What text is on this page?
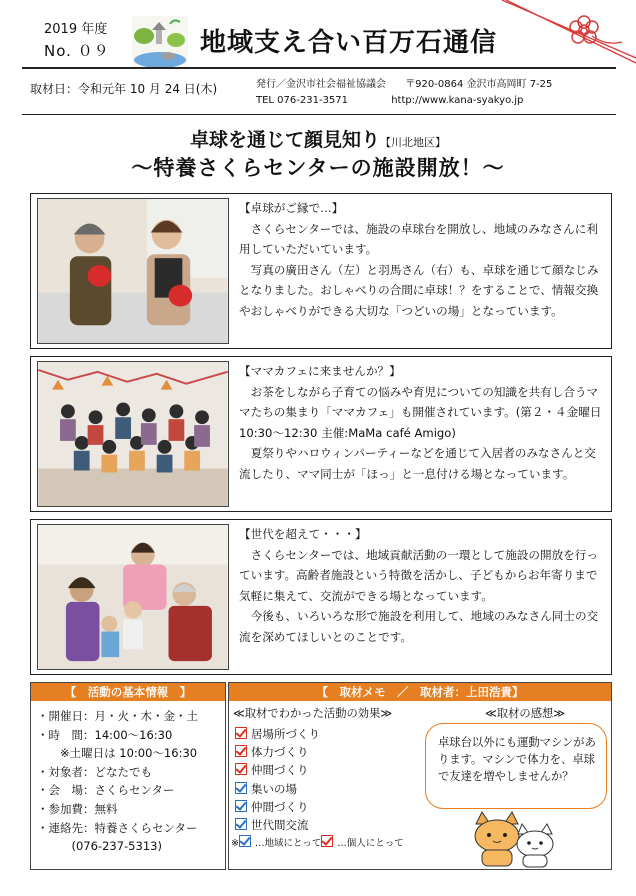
2019 年度
No. ０９	地域支え合い百万石通信
取材日：令和元年 10 月 24 日(木)	発行／金沢市社会福祉協議会 〒920-0864 金沢市高岡町 7-25
TEL 076-231-3571	http://www.kana-syakyo.jp
卓球を通じて顔見知り【川北地区】
～特養さくらセンターの施設開放！～
【卓球がご縁で…】

さくらセンターでは、施設の卓球台を開放し、地域のみなさんに利用していただいています。

写真の廣田さん（左）と羽馬さん（右）も、卓球を通じて顔なじみとなりました。おしゃべりの合間に卓球！？をすることで、情報交換やおしゃべりができる大切な「つどいの場」となっています。

【ママカフェに来ませんか？】

お茶をしながら子育ての悩みや育児についての知識を共有し合うママたちの集まり「ママカフェ」も開催されています。(第２・４金曜日 10:30～12:30 主催:MaMa café Amigo)

夏祭りやハロウィンパーティーなどを通じて入居者のみなさんと交流したり、ママ同士が「ほっ」と一息付ける場となっています。

【世代を超えて・・・】

さくらセンターでは、地域貢献活動の一環として施設の開放を行っています。高齢者施設という特徴を活かし、子どもからお年寄りまで気軽に集えて、交流ができる場となっています。

今後も、いろいろな形で施設を利用して、地域のみなさん同士の交流を深めてほしいとのことです。

【　活動の基本情報　】
・開催日：月・火・木・金・土
・時　間：14:00～16:30
　　※土曜日は 10:00～16:30
・対象者：どなたでも
・会　場：さくらセンター
・参加費：無料
・連絡先：特養さくらセンター
　　　(076-237-5313)
【　取材メモ　／　取材者：上田浩貴】
≪取材でわかった活動の効果≫	≪取材の感想≫
居場所づくり
体力づくり
仲間づくり
集いの場
仲間づくり
世代間交流
※ …地域にとって …個人にとって
卓球台以外にも運動マシンがあります。マシンで体力を、卓球で友達を増やしませんか？
